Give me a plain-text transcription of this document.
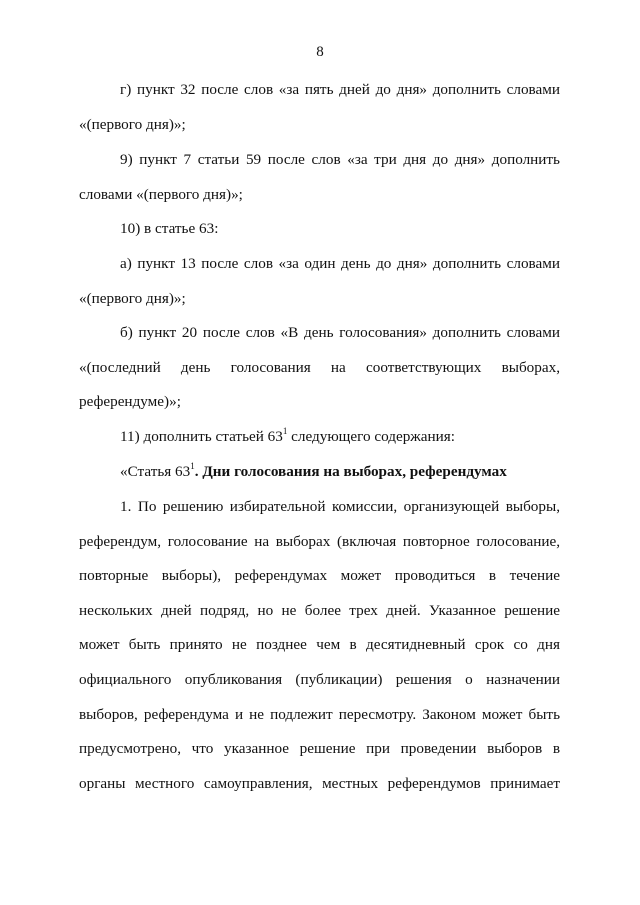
8

г) пункт 32 после слов «за пять дней до дня» дополнить словами «(первого дня)»;

9) пункт 7 статьи 59 после слов «за три дня до дня» дополнить словами «(первого дня)»;

10) в статье 63:

а) пункт 13 после слов «за один день до дня» дополнить словами «(первого дня)»;

б) пункт 20 после слов «В день голосования» дополнить словами «(последний день голосования на соответствующих выборах, референдуме)»;

11) дополнить статьей $63^1$ следующего содержания:

«Статья $63^1$. Дни голосования на выборах, референдумах

1. По решению избирательной комиссии, организующей выборы, референдум, голосование на выборах (включая повторное голосование, повторные выборы), референдумах может проводиться в течение нескольких дней подряд, но не более трех дней. Указанное решение может быть принято не позднее чем в десятидневный срок со дня официального опубликования (публикации) решения о назначении выборов, референдума и не подлежит пересмотру. Законом может быть предусмотрено, что указанное решение при проведении выборов в органы местного самоуправления, местных референдумов принимает
